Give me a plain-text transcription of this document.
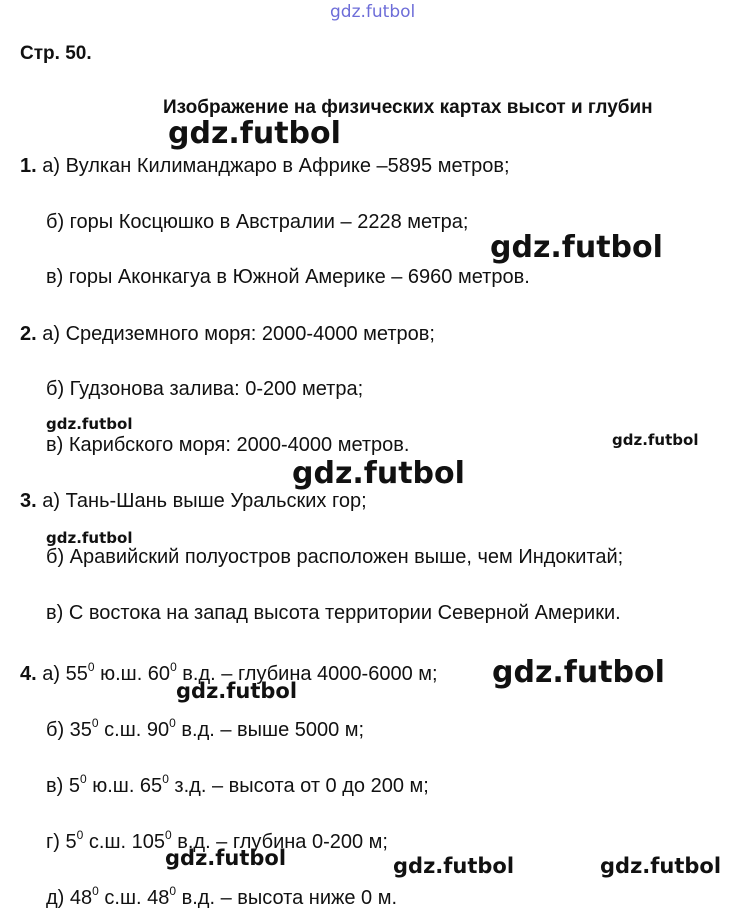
gdz.futbol
Стр. 50.
Изображение на физических картах высот и глубин
1. а) Вулкан Килиманджаро в Африке –5895 метров;
б) горы Косцюшко в Австралии – 2228 метра;
в) горы Аконкагуа в Южной Америке – 6960 метров.
2. а) Средиземного моря: 2000-4000 метров;
б) Гудзонова залива: 0-200 метра;
в) Карибского моря: 2000-4000 метров.
3. а) Тань-Шань выше Уральских гор;
б) Аравийский полуостров расположен выше, чем Индокитай;
в) С востока на запад высота территории Северной Америки.
4. а) $55^0$ ю.ш. $60^0$ в.д. – глубина 4000-6000 м;
б) $35^0$ с.ш. $90^0$ в.д. – выше 5000 м;
в) $5^0$ ю.ш. $65^0$ з.д. – высота от 0 до 200 м;
г) $5^0$ с.ш. $105^0$ в.д. – глубина 0-200 м;
д) $48^0$ с.ш. $48^0$ в.д. – высота ниже 0 м.
gdz.futbol
gdz.futbol
gdz.futbol
gdz.futbol
gdz.futbol
gdz.futbol
gdz.futbol
gdz.futbol
gdz.futbol	gdz.futbol	gdz.futbol
